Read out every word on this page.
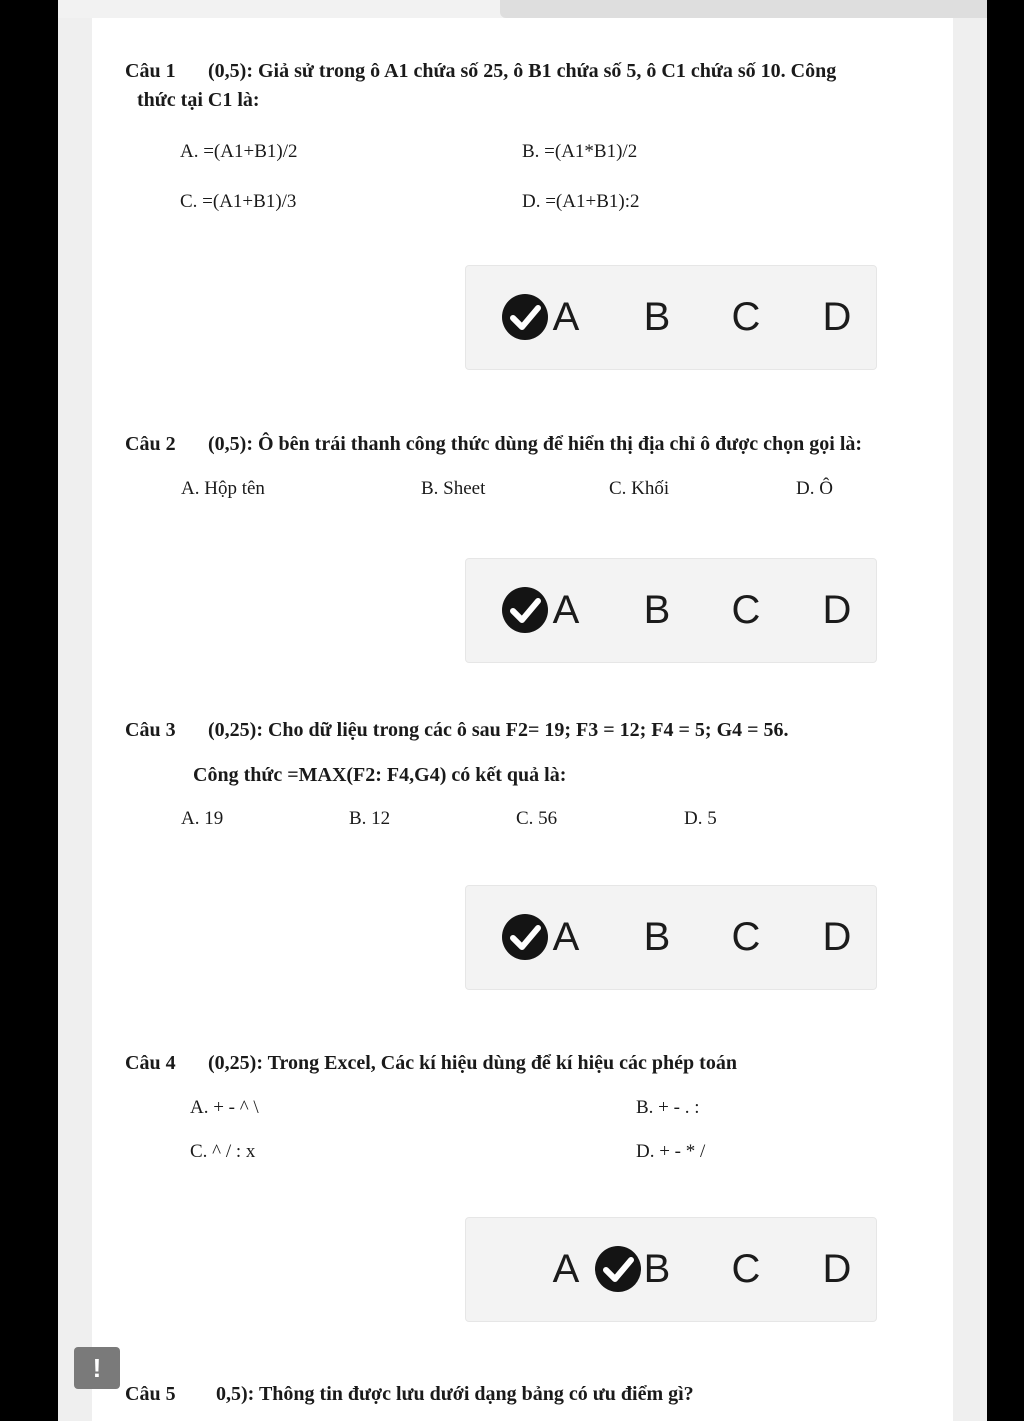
Câu 1 (0,5): Giả sử trong ô A1 chứa số 25, ô B1 chứa số 5, ô C1 chứa số 10. Công
thức tại C1 là:
A. =(A1+B1)/2	B. =(A1*B1)/2
C. =(A1+B1)/3	D. =(A1+B1):2
A B C D
Câu 2 (0,5): Ô bên trái thanh công thức dùng để hiển thị địa chỉ ô được chọn gọi là:
A. Hộp tên	B. Sheet	C. Khối	D. Ô
A B C D
Câu 3 (0,25): Cho dữ liệu trong các ô sau F2= 19; F3 = 12; F4 = 5; G4 = 56.
Công thức =MAX(F2: F4,G4) có kết quả là:
A. 19	B. 12	C. 56	D. 5
A B C D
Câu 4 (0,25): Trong Excel, Các kí hiệu dùng để kí hiệu các phép toán
A. + - ^ \	B. + - . :
C. ^ / : x	D. + - * /
A B C D
!
Câu 5 0,5): Thông tin được lưu dưới dạng bảng có ưu điểm gì?
